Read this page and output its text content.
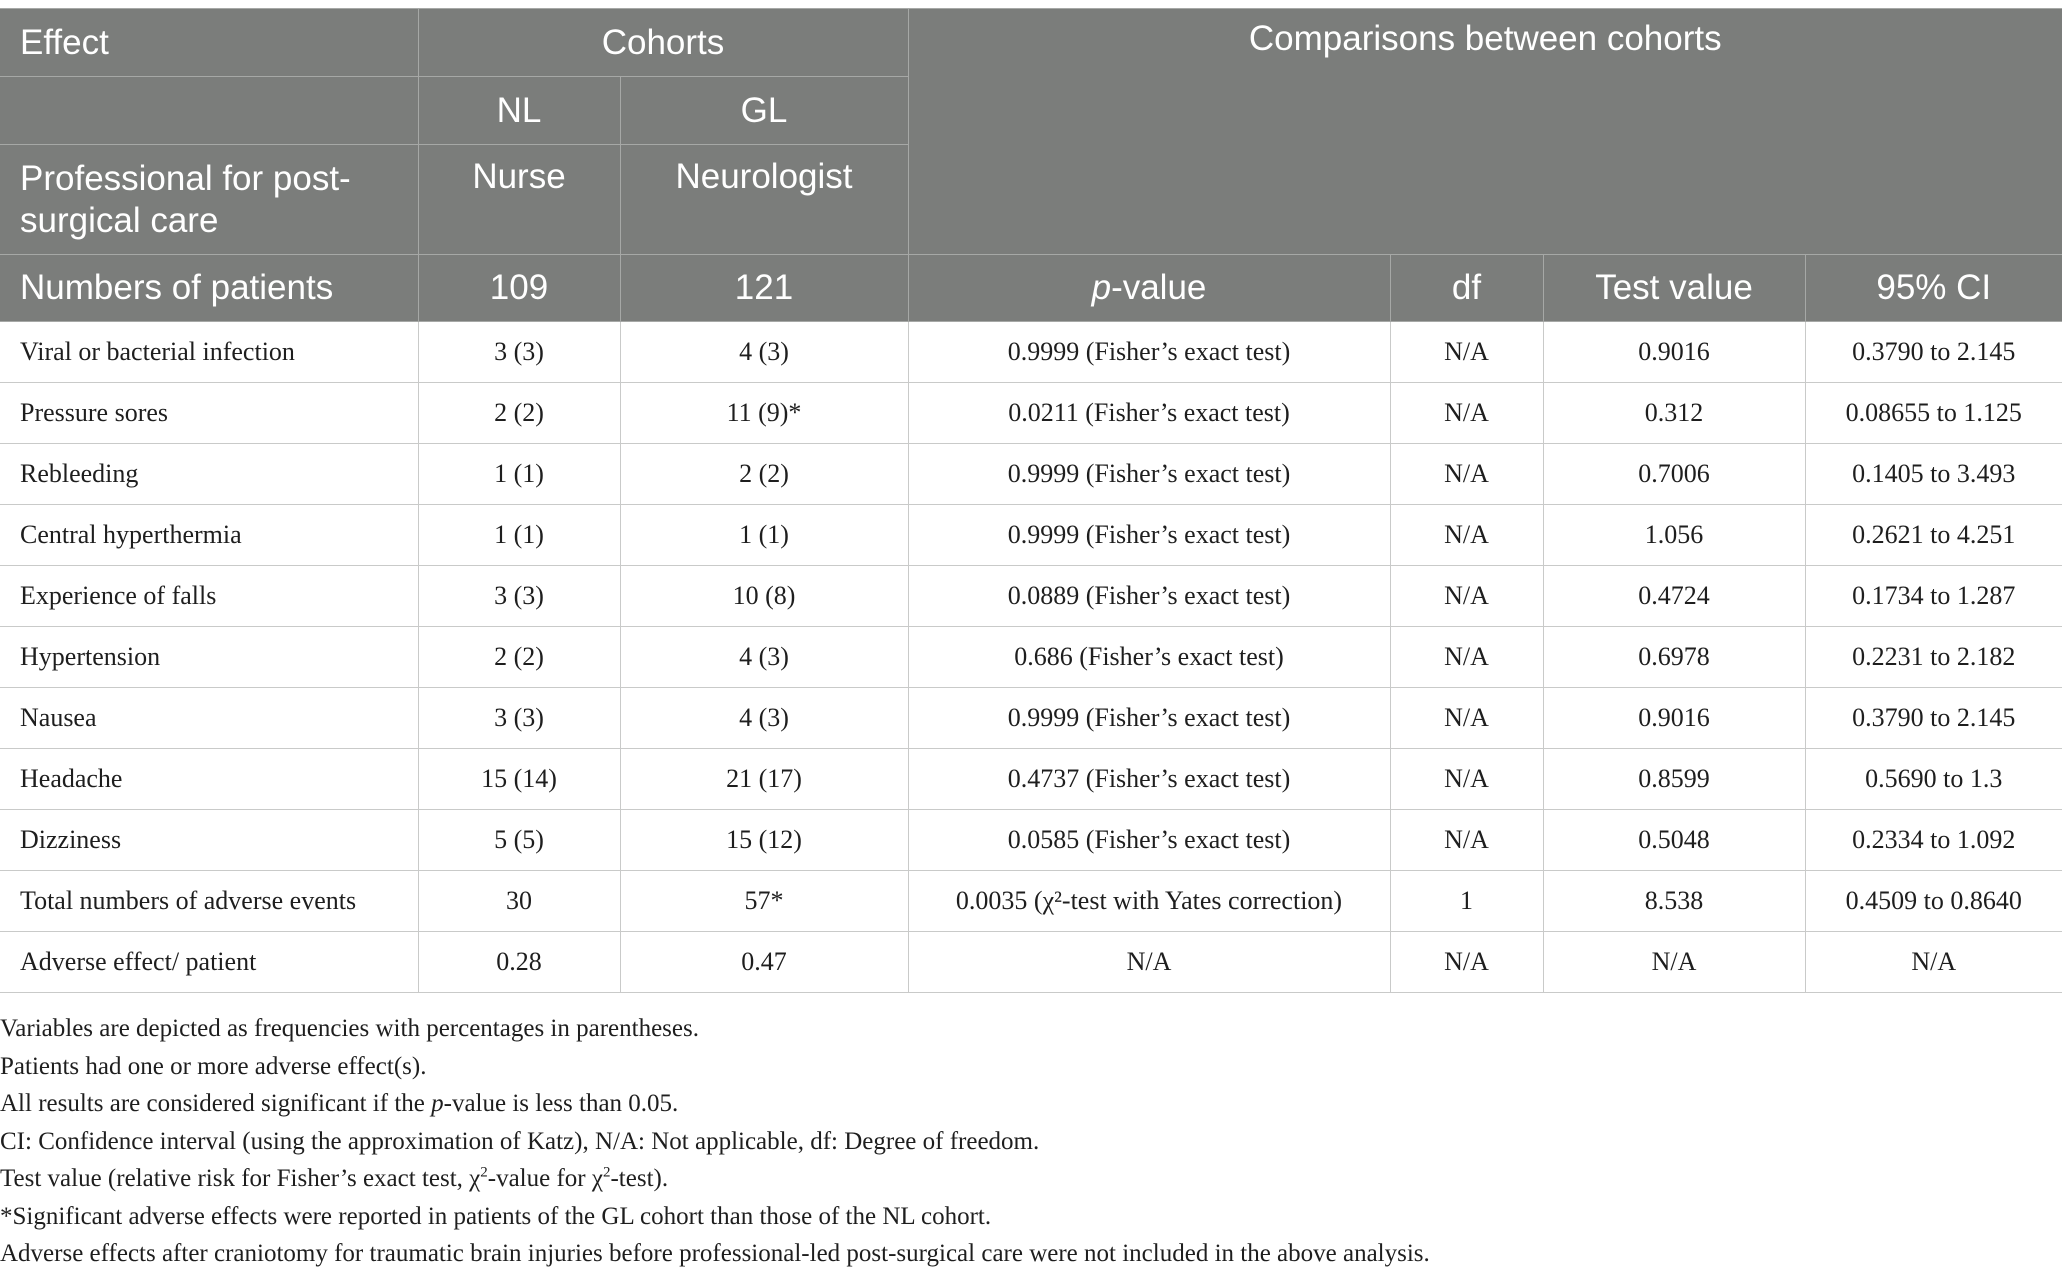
Effect	Cohorts		Comparisons between cohorts			
	NL	GL				
Professional for post-surgical care	Nurse	Neurologist				
Numbers of patients	109	121	p-value	df	Test value	95% CI
Viral or bacterial infection	3 (3)	4 (3)	0.9999 (Fisher’s exact test)	N/A	0.9016	0.3790 to 2.145
Pressure sores	2 (2)	11 (9)*	0.0211 (Fisher’s exact test)	N/A	0.312	0.08655 to 1.125
Rebleeding	1 (1)	2 (2)	0.9999 (Fisher’s exact test)	N/A	0.7006	0.1405 to 3.493
Central hyperthermia	1 (1)	1 (1)	0.9999 (Fisher’s exact test)	N/A	1.056	0.2621 to 4.251
Experience of falls	3 (3)	10 (8)	0.0889 (Fisher’s exact test)	N/A	0.4724	0.1734 to 1.287
Hypertension	2 (2)	4 (3)	0.686 (Fisher’s exact test)	N/A	0.6978	0.2231 to 2.182
Nausea	3 (3)	4 (3)	0.9999 (Fisher’s exact test)	N/A	0.9016	0.3790 to 2.145
Headache	15 (14)	21 (17)	0.4737 (Fisher’s exact test)	N/A	0.8599	0.5690 to 1.3
Dizziness	5 (5)	15 (12)	0.0585 (Fisher’s exact test)	N/A	0.5048	0.2334 to 1.092
Total numbers of adverse events	30	57*	0.0035 (χ²-test with Yates correction)	1	8.538	0.4509 to 0.8640
Adverse effect/ patient	0.28	0.47	N/A	N/A	N/A	N/A

Variables are depicted as frequencies with percentages in parentheses.

Patients had one or more adverse effect(s).

All results are considered significant if the p-value is less than 0.05.

CI: Confidence interval (using the approximation of Katz), N/A: Not applicable, df: Degree of freedom.

Test value (relative risk for Fisher’s exact test, $\chi^2$-value for $\chi^2-test$).

*Significant adverse effects were reported in patients of the GL cohort than those of the NL cohort.

Adverse effects after craniotomy for traumatic brain injuries before professional-led post-surgical care were not included in the above analysis.
